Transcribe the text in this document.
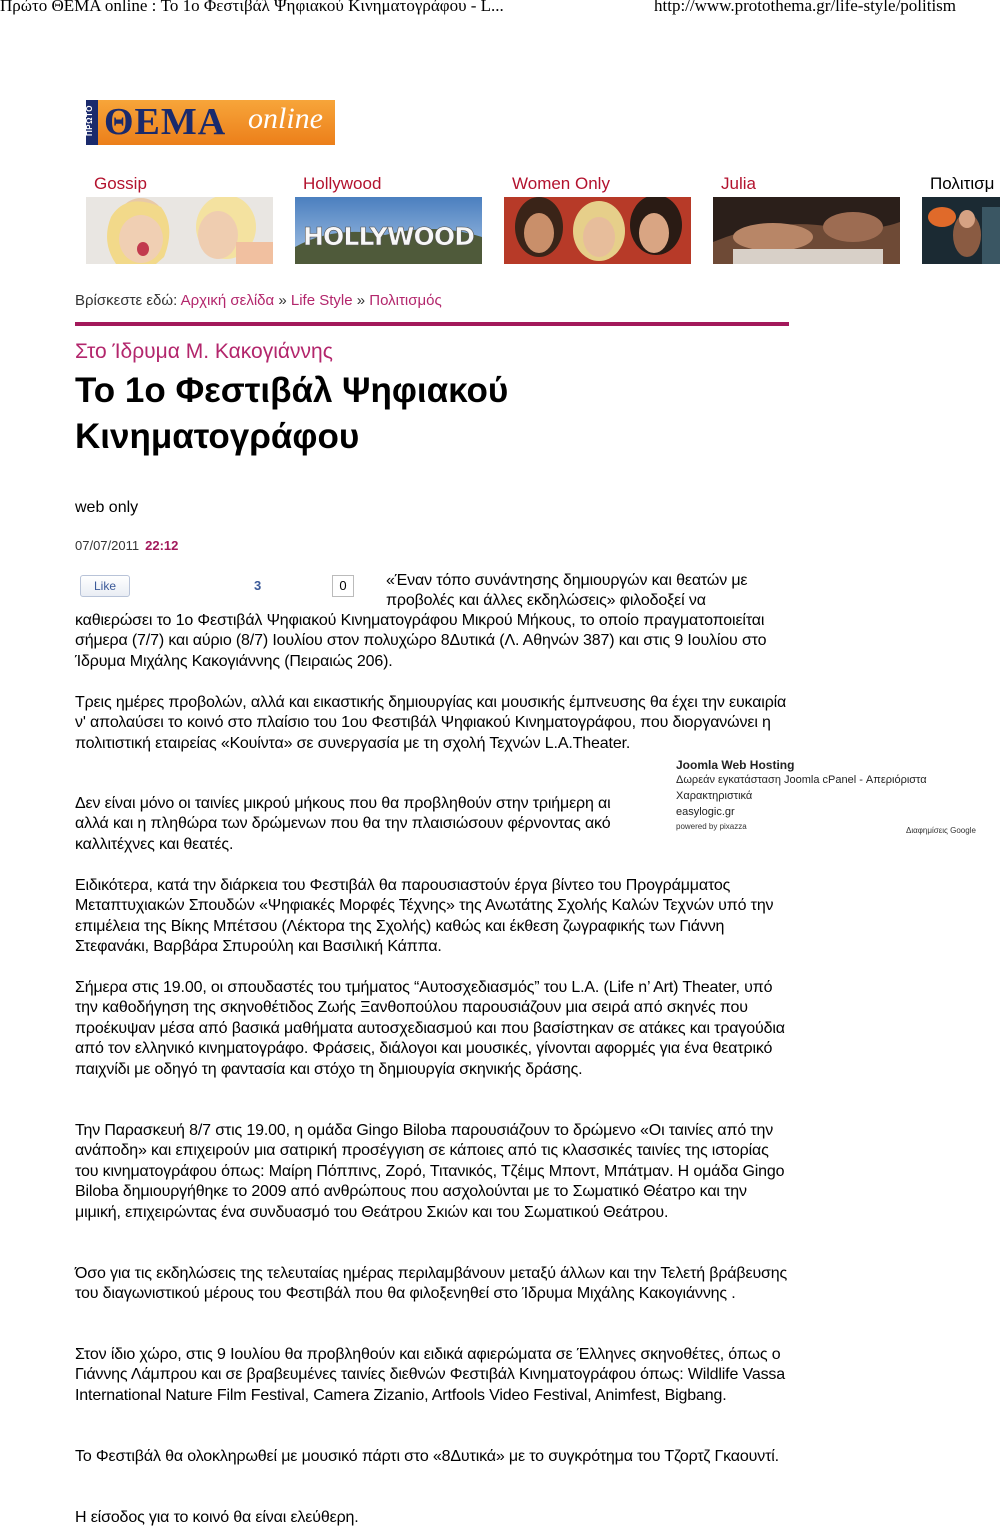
Πρώτο ΘΕΜΑ online : Το 1ο Φεστιβάλ Ψηφιακού Κινηματογράφου - L...	http://www.protothema.gr/life-style/politism
ΠΡΩΤΟ ΘΕΜΑ online
Gossip	Hollywood
HOLLYWOOD
Women Only	Julia	Πολιτισμ
Βρίσκεστε εδώ: Αρχική σελίδα » Life Style » Πολιτισμός
Στο Ίδρυμα Μ. Κακογιάννης
Το 1ο Φεστιβάλ Ψηφιακού Κινηματογράφου
web only
07/07/2011 22:12
Like	3	0	«Έναν τόπο συνάντησης δημιουργών και θεατών με προβολές και άλλες εκδηλώσεις» φιλοδοξεί να
καθιερώσει το 1ο Φεστιβάλ Ψηφιακού Κινηματογράφου Μικρού Μήκους, το οποίο πραγματοποιείται σήμερα (7/7) και αύριο (8/7) Ιουλίου στον πολυχώρο 8Δυτικά (Λ. Αθηνών 387) και στις 9 Ιουλίου στο Ίδρυμα Μιχάλης Κακογιάννης (Πειραιώς 206).
Τρεις ημέρες προβολών, αλλά και εικαστικής δημιουργίας και μουσικής έμπνευσης θα έχει την ευκαιρία ν' απολαύσει το κοινό στο πλαίσιο του 1ου Φεστιβάλ Ψηφιακού Κινηματογράφου, που διοργανώνει η πολιτιστική εταιρείας «Κουίντα» σε συνεργασία με τη σχολή Τεχνών L.A.Theater.
Δεν είναι μόνο οι ταινίες μικρού μήκους που θα προβληθούν στην τριήμερη αι
αλλά και η πληθώρα των δρώμενων που θα την πλαισιώσουν φέρνοντας ακό
καλλιτέχνες και θεατές.
Ειδικότερα, κατά την διάρκεια του Φεστιβάλ θα παρουσιαστούν έργα βίντεο του Προγράμματος Μεταπτυχιακών Σπουδών «Ψηφιακές Μορφές Τέχνης» της Ανωτάτης Σχολής Καλών Τεχνών υπό την επιμέλεια της Βίκης Μπέτσου (Λέκτορα της Σχολής) καθώς και έκθεση ζωγραφικής των Γιάννη Στεφανάκι, Βαρβάρα Σπυρούλη και Βασιλική Κάππα.
Σήμερα στις 19.00, οι σπουδαστές του τμήματος “Αυτοσχεδιασμός” του L.A. (Life n’ Art) Theater, υπό την καθοδήγηση της σκηνοθέτιδος Ζωής Ξανθοπούλου παρουσιάζουν μια σειρά από σκηνές που προέκυψαν μέσα από βασικά μαθήματα αυτοσχεδιασμού και που βασίστηκαν σε ατάκες και τραγούδια από τον ελληνικό κινηματογράφο. Φράσεις, διάλογοι και μουσικές, γίνονται αφορμές για ένα θεατρικό παιχνίδι με οδηγό τη φαντασία και στόχο τη δημιουργία σκηνικής δράσης.
Την Παρασκευή 8/7 στις 19.00, η ομάδα Gingo Biloba παρουσιάζουν το δρώμενο «Οι ταινίες από την ανάποδη» και επιχειρούν μια σατιρική προσέγγιση σε κάποιες από τις κλασσικές ταινίες της ιστορίας του κινηματογράφου όπως: Μαίρη Πόππινς, Ζορό, Τιτανικός, Τζέιμς Μποντ, Μπάτμαν. Η ομάδα Gingo Biloba δημιουργήθηκε το 2009 από ανθρώπους που ασχολούνται με το Σωματικό Θέατρο και την μιμική, επιχειρώντας ένα συνδυασμό του Θεάτρου Σκιών και του Σωματικού Θεάτρου.
Όσο για τις εκδηλώσεις της τελευταίας ημέρας περιλαμβάνουν μεταξύ άλλων και την Τελετή βράβευσης του διαγωνιστικού μέρους του Φεστιβάλ που θα φιλοξενηθεί στο Ίδρυμα Μιχάλης Κακογιάννης .
Στον ίδιο χώρο, στις 9 Ιουλίου θα προβληθούν και ειδικά αφιερώματα σε Έλληνες σκηνοθέτες, όπως ο Γιάννης Λάμπρου και σε βραβευμένες ταινίες διεθνών Φεστιβάλ Κινηματογράφου όπως: Wildlife Vassa International Nature Film Festival, Camera Zizanio, Artfools Video Festival, Animfest, Bigbang.
Το Φεστιβάλ θα ολοκληρωθεί με μουσικό πάρτι στο «8Δυτικά» με το συγκρότημα του Τζορτζ Γκαουντί.
Η είσοδος για το κοινό θα είναι ελεύθερη.
Joomla Web Hosting
Δωρεάν εγκατάσταση Joomla cPanel - Απεριόριστα
Χαρακτηριστικά
easylogic.gr
powered by pixazza	Διαφημίσεις Google
